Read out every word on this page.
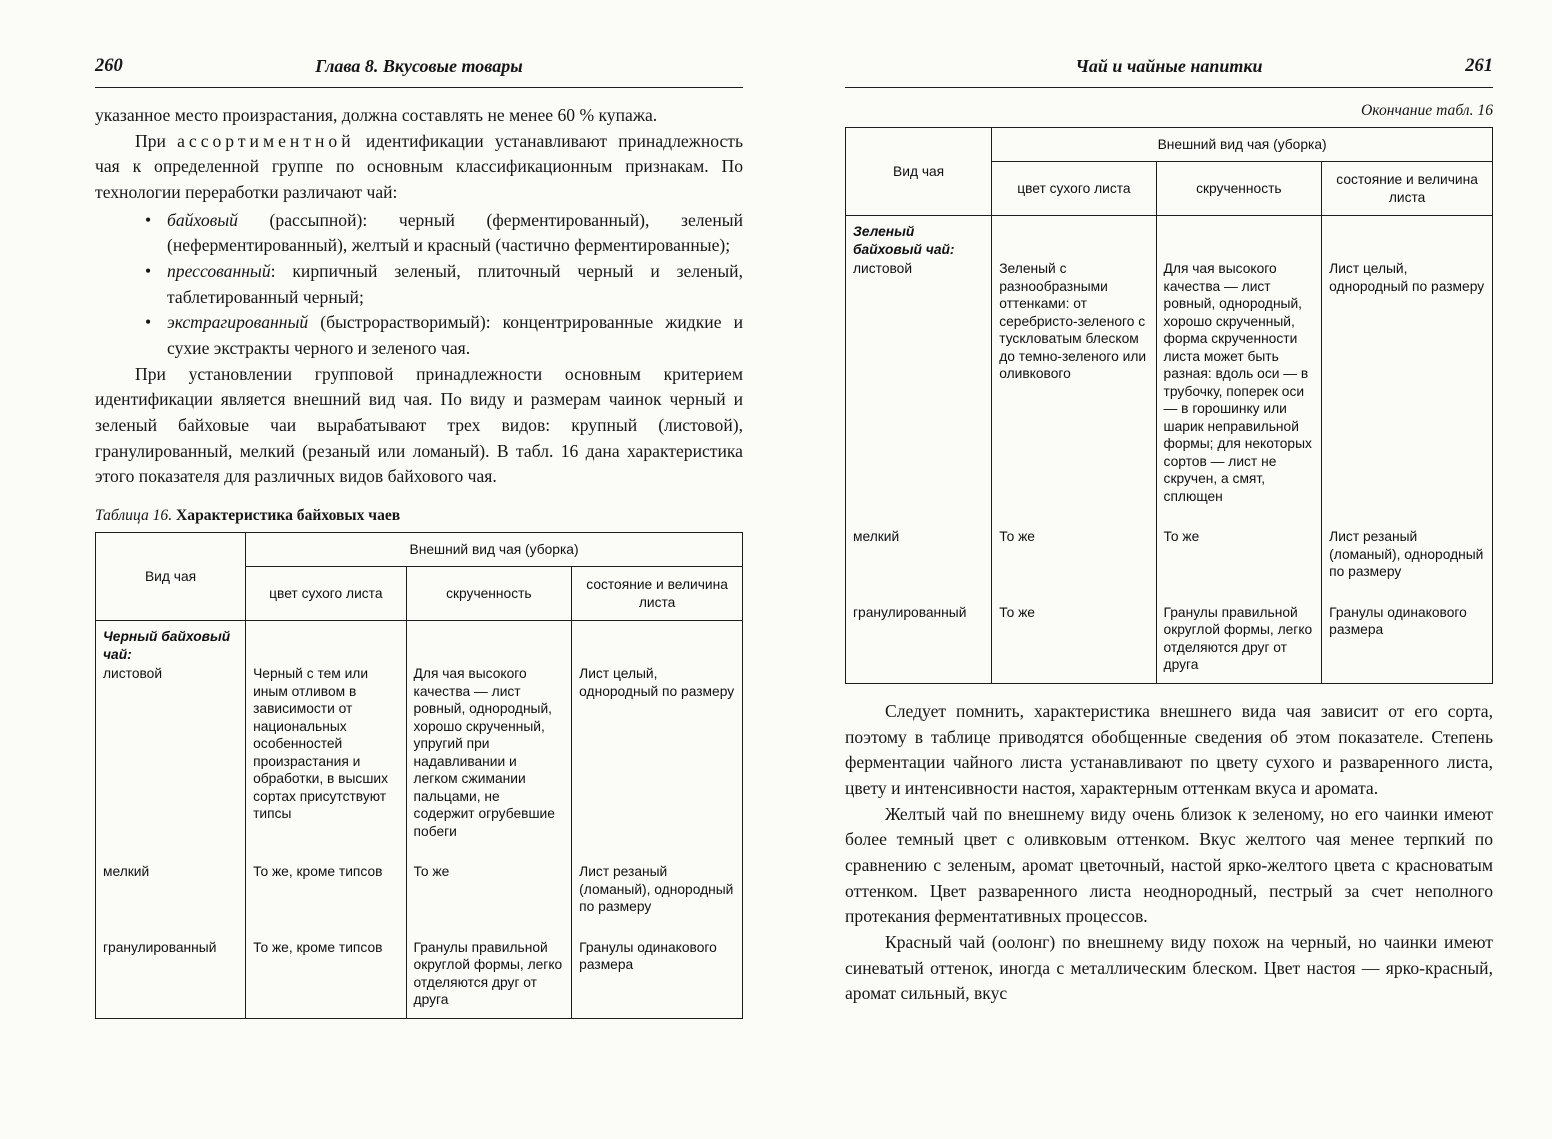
260	Глава 8. Вкусовые товары

указанное место произрастания, должна составлять не менее 60 % купажа.

При ассортиментной идентификации устанавливают принадлежность чая к определенной группе по основным классификационным признакам. По технологии переработки различают чай:

• байховый (рассыпной): черный (ферментированный), зеленый (неферментированный), желтый и красный (частично ферментированные);
• прессованный: кирпичный зеленый, плиточный черный и зеленый, таблетированный черный;
• экстрагированный (быстрорастворимый): концентрированные жидкие и сухие экстракты черного и зеленого чая.

При установлении групповой принадлежности основным критерием идентификации является внешний вид чая. По виду и размерам чаинок черный и зеленый байховые чаи вырабатывают трех видов: крупный (листовой), гранулированный, мелкий (резаный или ломаный). В табл. 16 дана характеристика этого показателя для различных видов байхового чая.

Таблица 16. Характеристика байховых чаев

Вид чая	Внешний вид чая (уборка)		
	цвет сухого листа	скрученность	состояние и величина листа
Черный байховый чай:			
листовой	Черный с тем или иным отливом в зависимости от национальных особенностей произрастания и обработки, в высших сортах присутствуют типсы	Для чая высокого качества — лист ровный, однородный, хорошо скрученный, упругий при надавливании и легком сжимании пальцами, не содержит огрубевшие побеги	Лист целый, однородный по размеру
мелкий	То же, кроме типсов	То же	Лист резаный (ломаный), однородный по размеру
гранулированный	То же, кроме типсов	Гранулы правильной округлой формы, легко отделяются друг от друга	Гранулы одинакового размера
Чай и чайные напитки	261

Окончание табл. 16

Вид чая	Внешний вид чая (уборка)		
	цвет сухого листа	скрученность	состояние и величина листа
Зеленый байховый чай:			
листовой	Зеленый с разнообразными оттенками: от серебристо-зеленого с тускловатым блеском до темно-зеленого или оливкового	Для чая высокого качества — лист ровный, однородный, хорошо скрученный, форма скрученности листа может быть разная: вдоль оси — в трубочку, поперек оси — в горошинку или шарик неправильной формы; для некоторых сортов — лист не скручен, а смят, сплющен	Лист целый, однородный по размеру
мелкий	То же	То же	Лист резаный (ломаный), однородный по размеру
гранулированный	То же	Гранулы правильной округлой формы, легко отделяются друг от друга	Гранулы одинакового размера

Следует помнить, характеристика внешнего вида чая зависит от его сорта, поэтому в таблице приводятся обобщенные сведения об этом показателе. Степень ферментации чайного листа устанавливают по цвету сухого и разваренного листа, цвету и интенсивности настоя, характерным оттенкам вкуса и аромата.

Желтый чай по внешнему виду очень близок к зеленому, но его чаинки имеют более темный цвет с оливковым оттенком. Вкус желтого чая менее терпкий по сравнению с зеленым, аромат цветочный, настой ярко-желтого цвета с красноватым оттенком. Цвет разваренного листа неоднородный, пестрый за счет неполного протекания ферментативных процессов.

Красный чай (оолонг) по внешнему виду похож на черный, но чаинки имеют синеватый оттенок, иногда с металлическим блеском. Цвет настоя — ярко-красный, аромат сильный, вкус
